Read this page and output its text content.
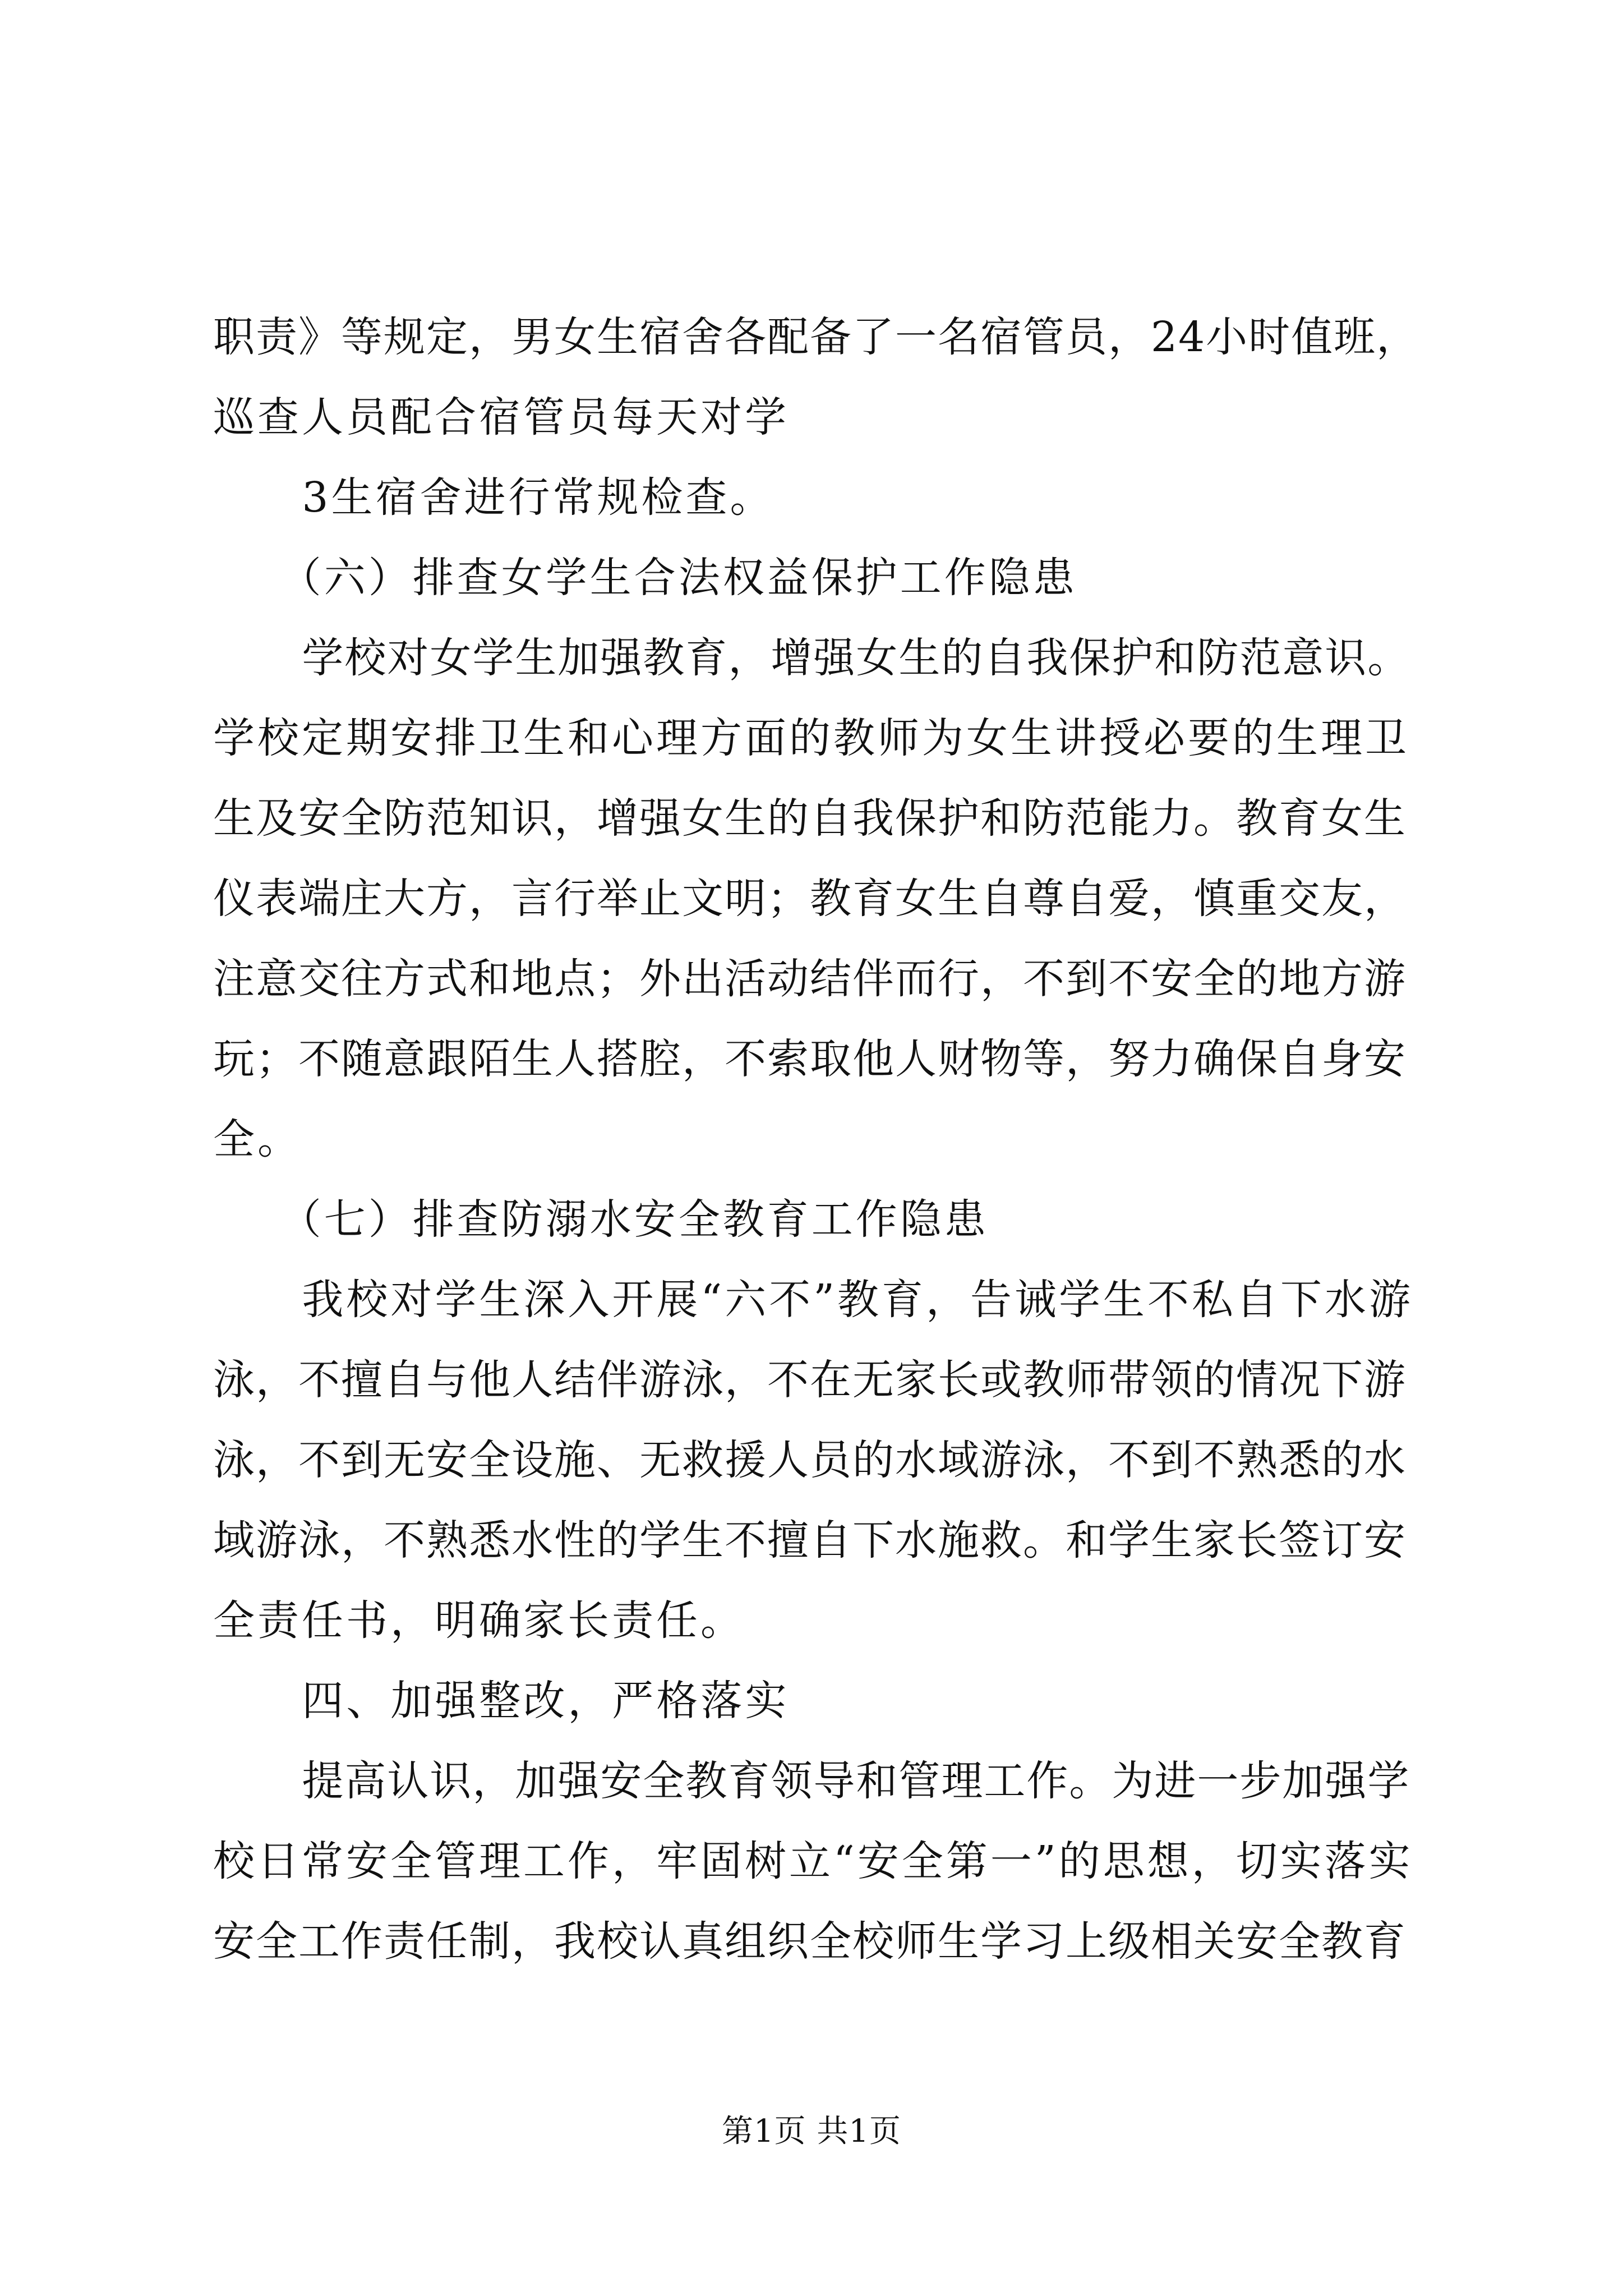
职责》等规定，男女生宿舍各配备了一名宿管员，24小时值班，
巡查人员配合宿管员每天对学
3生宿舍进行常规检查。
（六）排查女学生合法权益保护工作隐患
学校对女学生加强教育，增强女生的自我保护和防范意识。
学校定期安排卫生和心理方面的教师为女生讲授必要的生理卫
生及安全防范知识，增强女生的自我保护和防范能力。教育女生
仪表端庄大方，言行举止文明；教育女生自尊自爱，慎重交友，
注意交往方式和地点；外出活动结伴而行，不到不安全的地方游
玩；不随意跟陌生人搭腔，不索取他人财物等，努力确保自身安
全。
（七）排查防溺水安全教育工作隐患
我校对学生深入开展“六不”教育，告诫学生不私自下水游
泳，不擅自与他人结伴游泳，不在无家长或教师带领的情况下游
泳，不到无安全设施、无救援人员的水域游泳，不到不熟悉的水
域游泳，不熟悉水性的学生不擅自下水施救。和学生家长签订安
全责任书，明确家长责任。
四、加强整改，严格落实
提高认识，加强安全教育领导和管理工作。为进一步加强学
校日常安全管理工作，牢固树立“安全第一”的思想，切实落实
安全工作责任制，我校认真组织全校师生学习上级相关安全教育
第1页 共1页
